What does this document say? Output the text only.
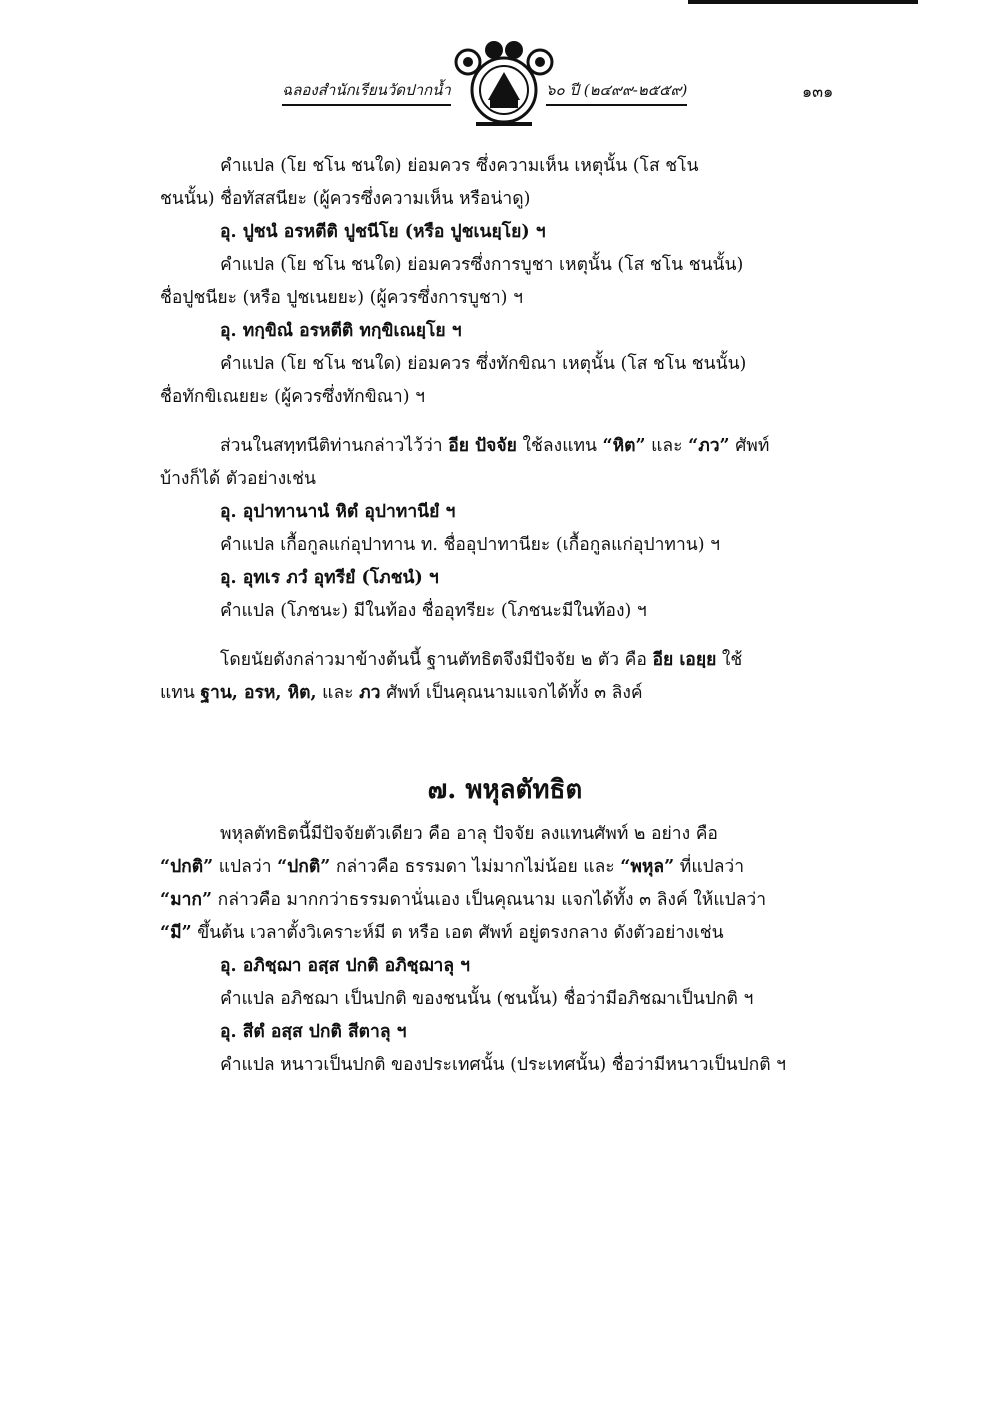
ฉลองสำนักเรียนวัดปากน้ำ	๖๐ ปี (๒๔๙๙-๒๕๕๙)	๑๓๑
คำแปล (โย ชโน ชนใด) ย่อมควร ซึ่งความเห็น เหตุนั้น (โส ชโน
ชนนั้น) ชื่อทัสสนียะ (ผู้ควรซึ่งความเห็น หรือน่าดู)
อุ. ปูชนํ อรหตีติ ปูชนีโย (หรือ ปูชเนยฺโย) ฯ
คำแปล (โย ชโน ชนใด) ย่อมควรซึ่งการบูชา เหตุนั้น (โส ชโน ชนนั้น)
ชื่อปูชนียะ (หรือ ปูชเนยยะ) (ผู้ควรซึ่งการบูชา) ฯ
อุ. ทกฺขิณํ อรหตีติ ทกฺขิเณยฺโย ฯ
คำแปล (โย ชโน ชนใด) ย่อมควร ซึ่งทักขิณา เหตุนั้น (โส ชโน ชนนั้น)
ชื่อทักขิเณยยะ (ผู้ควรซึ่งทักขิณา) ฯ
ส่วนในสทฺทนีติท่านกล่าวไว้ว่า อีย ปัจจัย ใช้ลงแทน “หิต” และ “ภว” ศัพท์
บ้างก็ได้ ตัวอย่างเช่น
อุ. อุปาทานานํ หิตํ อุปาทานียํ ฯ
คำแปล เกื้อกูลแก่อุปาทาน ท. ชื่ออุปาทานียะ (เกื้อกูลแก่อุปาทาน) ฯ
อุ. อุทเร ภวํ อุทรียํ (โภชนํ) ฯ
คำแปล (โภชนะ) มีในท้อง ชื่ออุทรียะ (โภชนะมีในท้อง) ฯ
โดยนัยดังกล่าวมาข้างต้นนี้ ฐานตัทธิตจึงมีปัจจัย ๒ ตัว คือ อีย เอยฺย ใช้
แทน ฐาน, อรห, หิต, และ ภว ศัพท์ เป็นคุณนามแจกได้ทั้ง ๓ ลิงค์
๗. พหุลตัทธิต
พหุลตัทธิตนี้มีปัจจัยตัวเดียว คือ อาลุ ปัจจัย ลงแทนศัพท์ ๒ อย่าง คือ
“ปกติ” แปลว่า “ปกติ” กล่าวคือ ธรรมดา ไม่มากไม่น้อย และ “พหุล” ที่แปลว่า
“มาก” กล่าวคือ มากกว่าธรรมดานั่นเอง เป็นคุณนาม แจกได้ทั้ง ๓ ลิงค์ ให้แปลว่า
“มี” ขึ้นต้น เวลาตั้งวิเคราะห์มี ต หรือ เอต ศัพท์ อยู่ตรงกลาง ดังตัวอย่างเช่น
อุ. อภิชฺฌา อสฺส ปกติ อภิชฺฌาลุ ฯ
คำแปล อภิชฌา เป็นปกติ ของชนนั้น (ชนนั้น) ชื่อว่ามีอภิชฌาเป็นปกติ ฯ
อุ. สีตํ อสฺส ปกติ สีตาลุ ฯ
คำแปล หนาวเป็นปกติ ของประเทศนั้น (ประเทศนั้น) ชื่อว่ามีหนาวเป็นปกติ ฯ
